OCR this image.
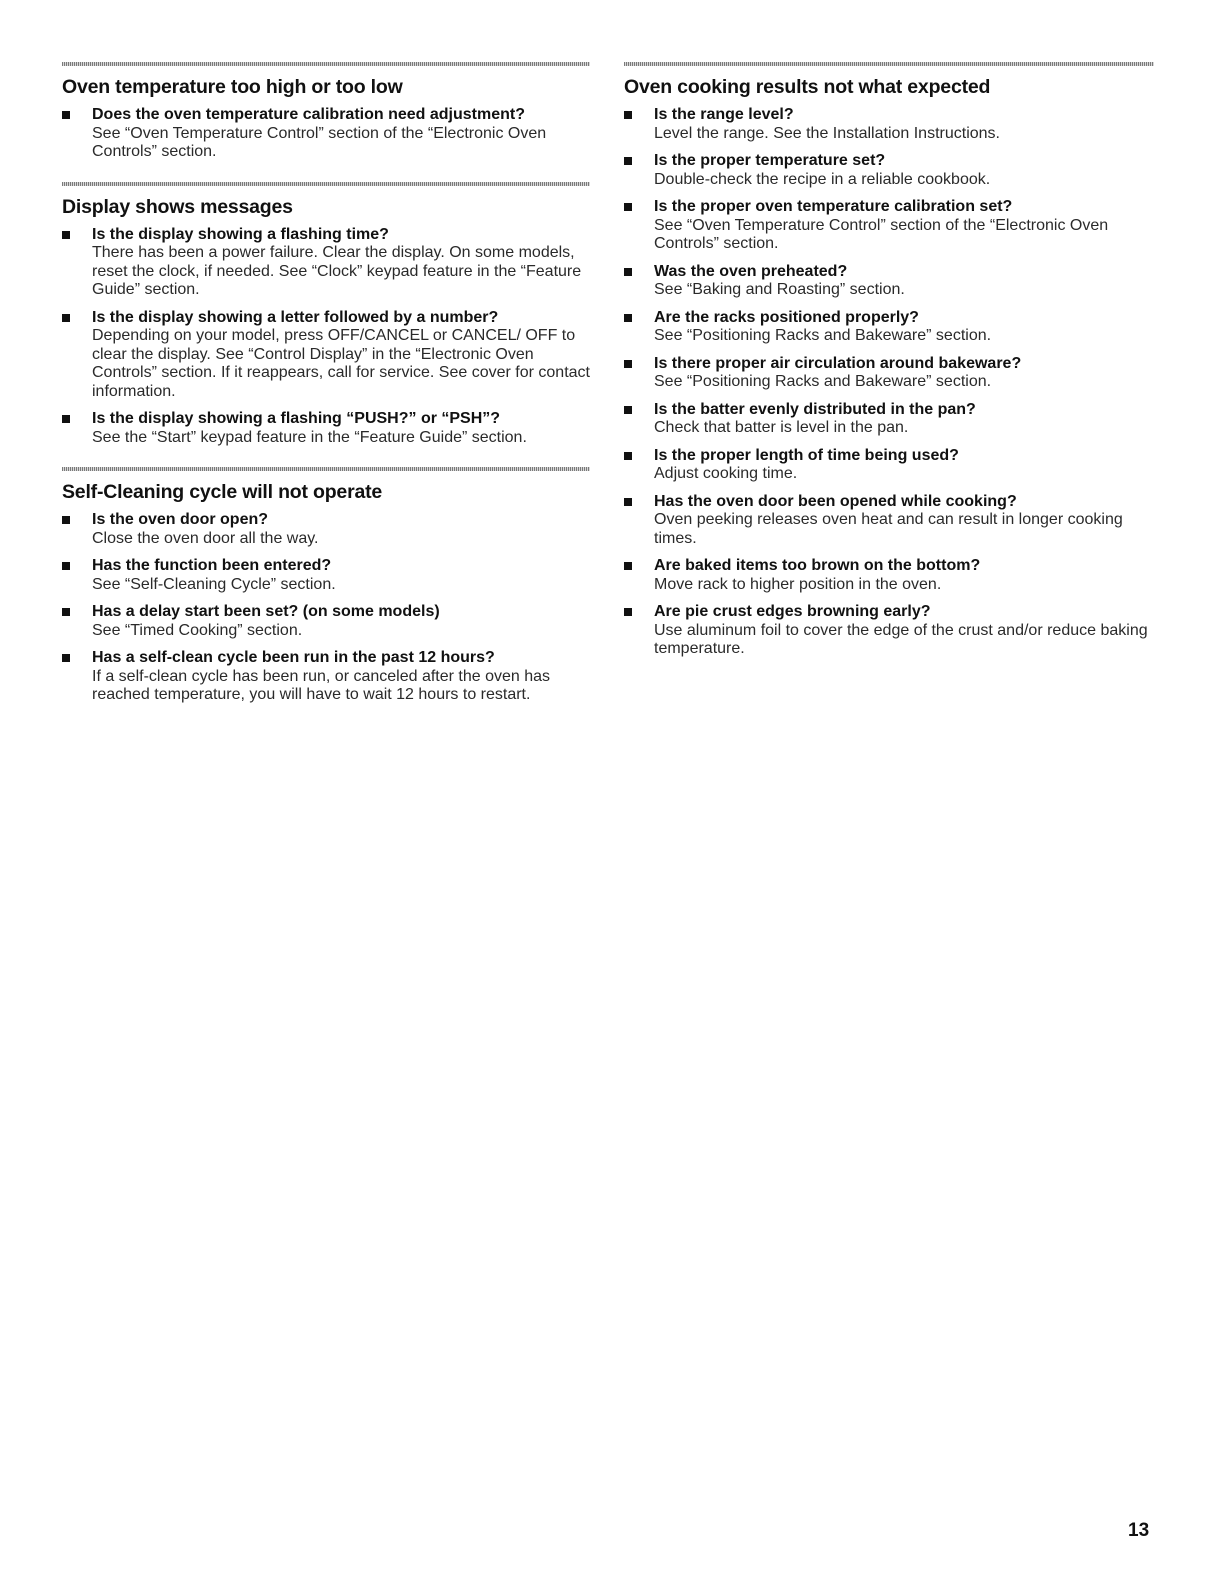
Oven temperature too high or too low
Does the oven temperature calibration need adjustment?
See “Oven Temperature Control” section of the “Electronic Oven Controls” section.
Display shows messages
Is the display showing a flashing time?
There has been a power failure. Clear the display. On some models, reset the clock, if needed. See “Clock” keypad feature in the “Feature Guide” section.
Is the display showing a letter followed by a number?
Depending on your model, press OFF/CANCEL or CANCEL/ OFF to clear the display. See “Control Display” in the “Electronic Oven Controls” section. If it reappears, call for service. See cover for contact information.
Is the display showing a flashing “PUSH?” or “PSH”?
See the “Start” keypad feature in the “Feature Guide” section.
Self-Cleaning cycle will not operate
Is the oven door open?
Close the oven door all the way.
Has the function been entered?
See “Self-Cleaning Cycle” section.
Has a delay start been set? (on some models)
See “Timed Cooking” section.
Has a self-clean cycle been run in the past 12 hours?
If a self-clean cycle has been run, or canceled after the oven has reached temperature, you will have to wait 12 hours to restart.
Oven cooking results not what expected
Is the range level?
Level the range. See the Installation Instructions.
Is the proper temperature set?
Double-check the recipe in a reliable cookbook.
Is the proper oven temperature calibration set?
See “Oven Temperature Control” section of the “Electronic Oven Controls” section.
Was the oven preheated?
See “Baking and Roasting” section.
Are the racks positioned properly?
See “Positioning Racks and Bakeware” section.
Is there proper air circulation around bakeware?
See “Positioning Racks and Bakeware” section.
Is the batter evenly distributed in the pan?
Check that batter is level in the pan.
Is the proper length of time being used?
Adjust cooking time.
Has the oven door been opened while cooking?
Oven peeking releases oven heat and can result in longer cooking times.
Are baked items too brown on the bottom?
Move rack to higher position in the oven.
Are pie crust edges browning early?
Use aluminum foil to cover the edge of the crust and/or reduce baking temperature.
13
